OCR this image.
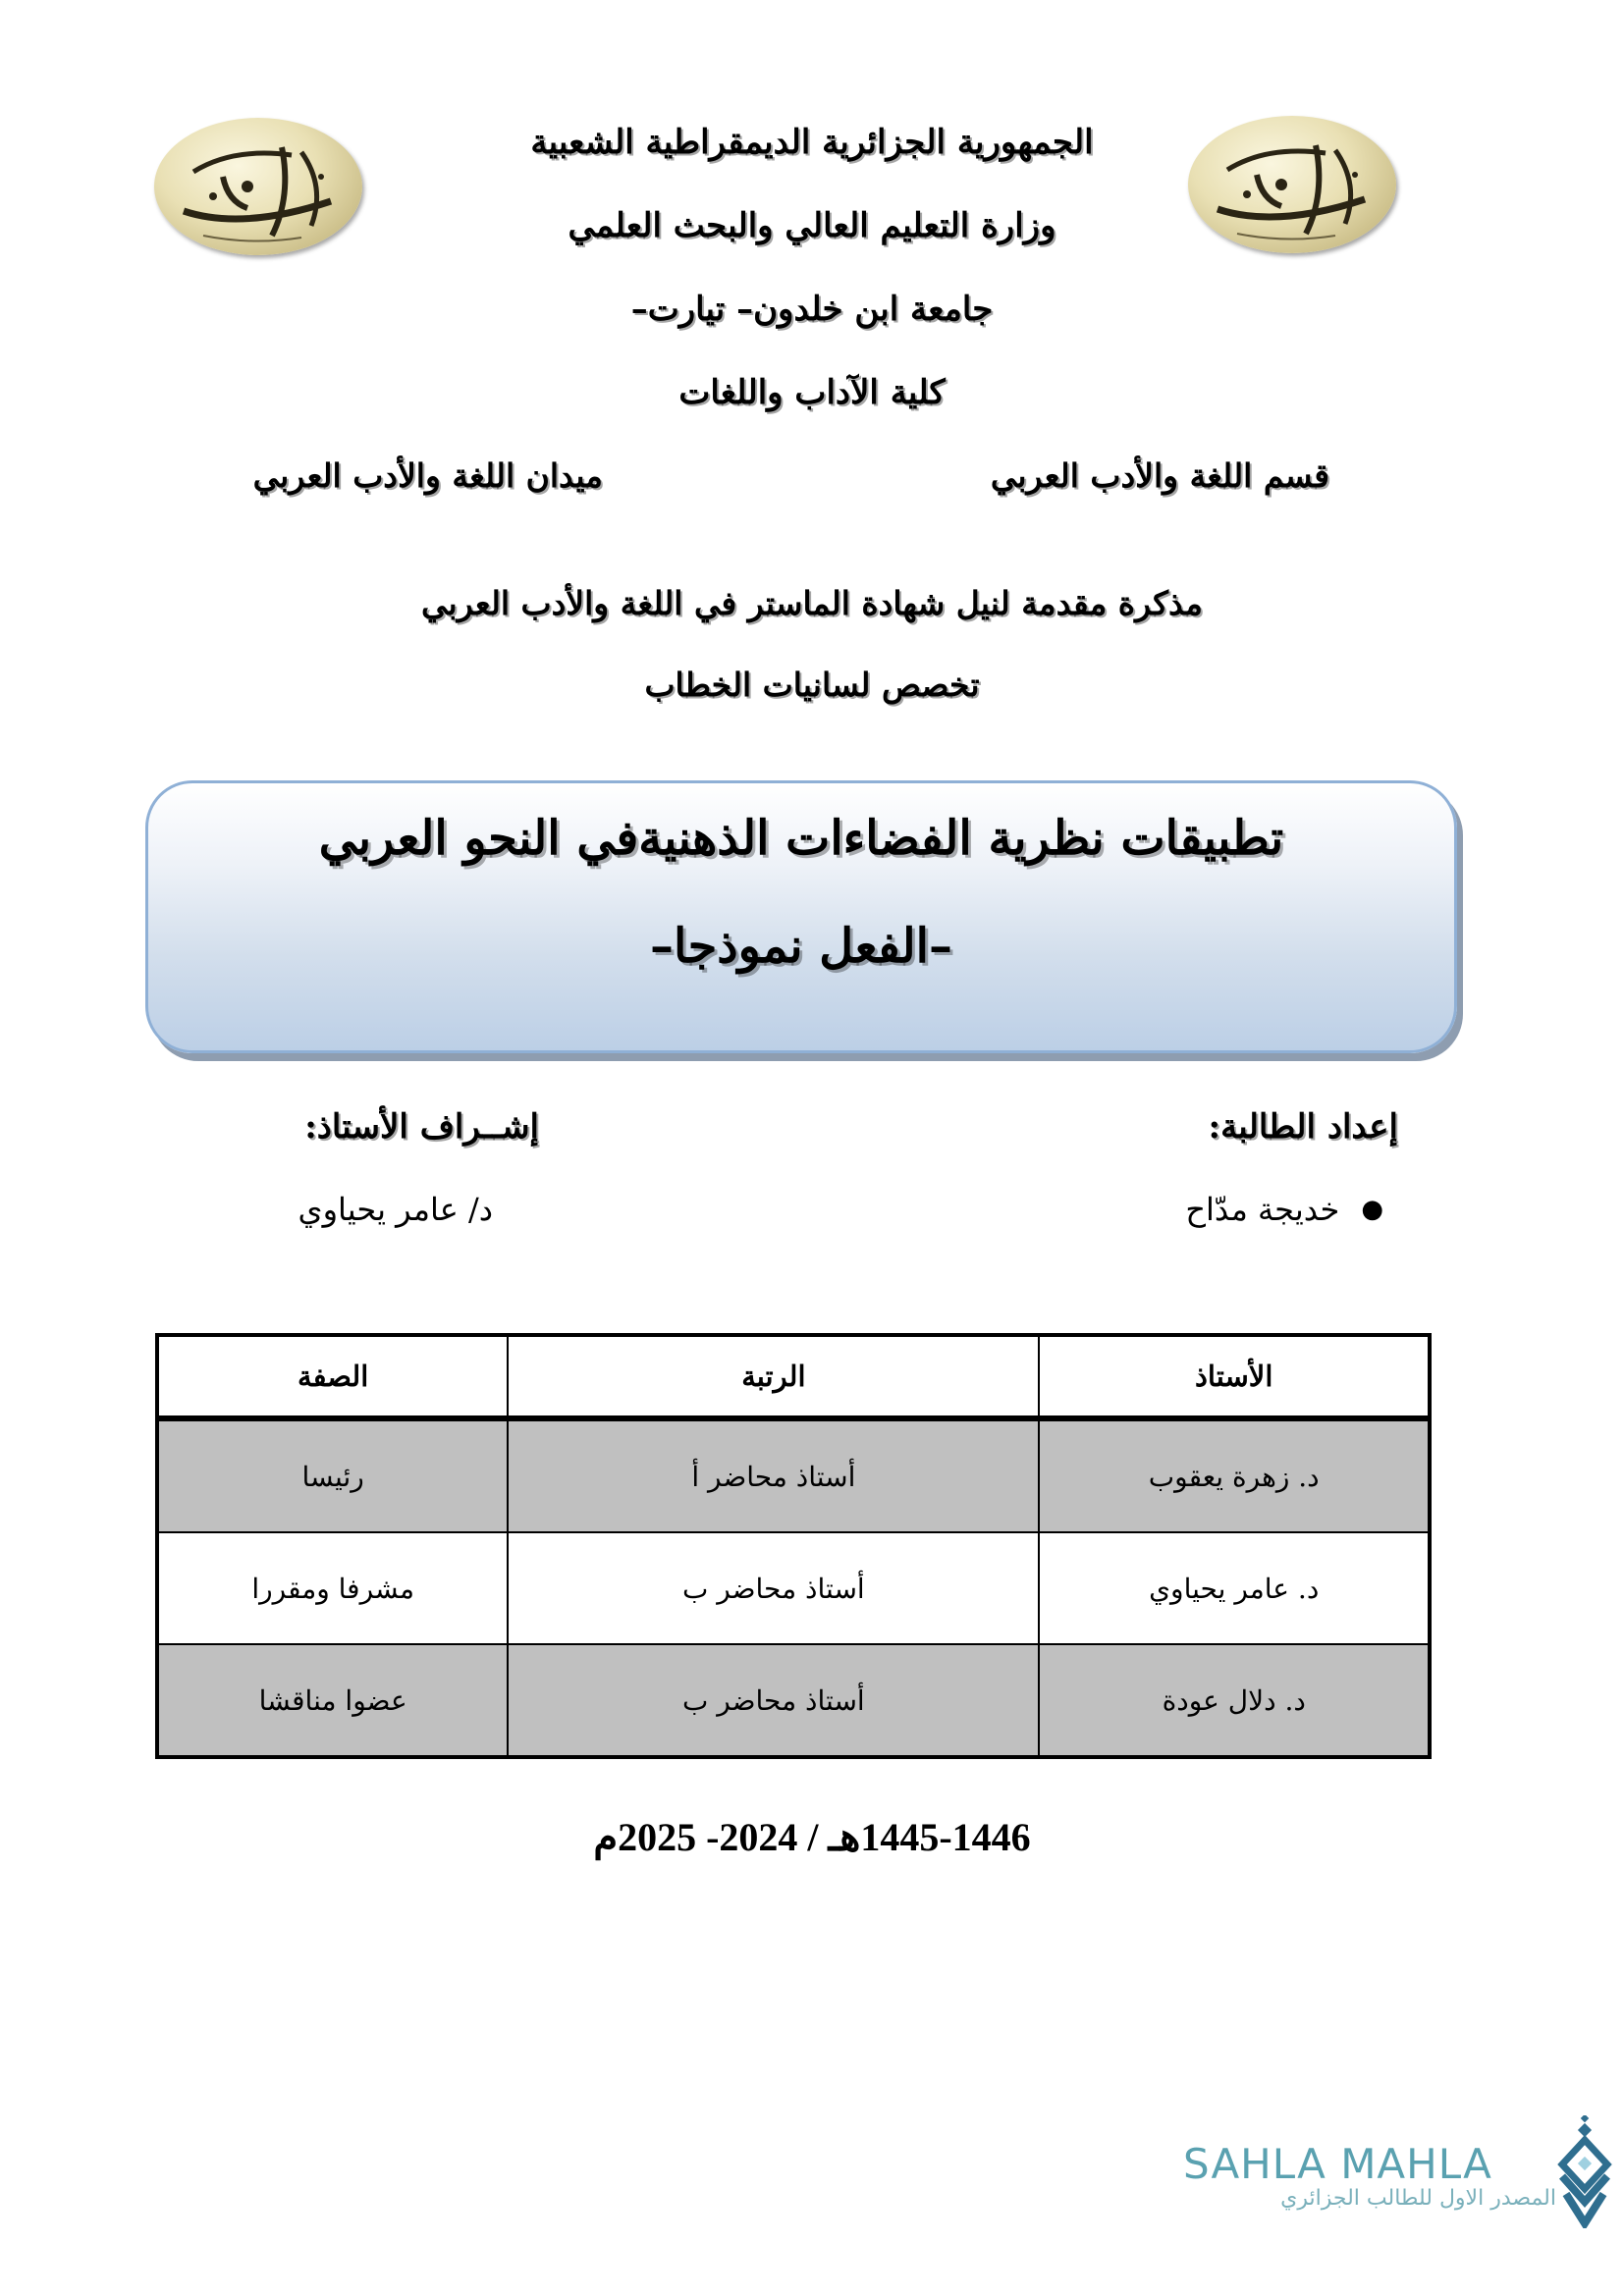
الجمهورية الجزائرية الديمقراطية الشعبية
وزارة التعليم العالي والبحث العلمي
جامعة ابن خلدون– تيارت–
كلية الآداب واللغات
قسم اللغة والأدب العربي
ميدان اللغة والأدب العربي
مذكرة مقدمة لنيل شهادة الماستر في اللغة والأدب العربي
تخصص لسانيات الخطاب
تطبيقات نظرية الفضاءات الذهنيةفي النحو العربي
–الفعل نموذجا–
إعداد الطالبة:
●
خديجة مدّاح
إشــراف الأستاذ:
د/ عامر يحياوي
الأستاذ	الرتبة	الصفة
د. زهرة يعقوب	أستاذ محاضر أ	رئيسا
د. عامر يحياوي	أستاذ محاضر ب	مشرفا ومقررا
د. دلال عودة	أستاذ محاضر ب	عضوا مناقشا
1445-1446هـ / 2024- 2025م
SAHLA MAHLA
المصدر الاول للطالب الجزائري
